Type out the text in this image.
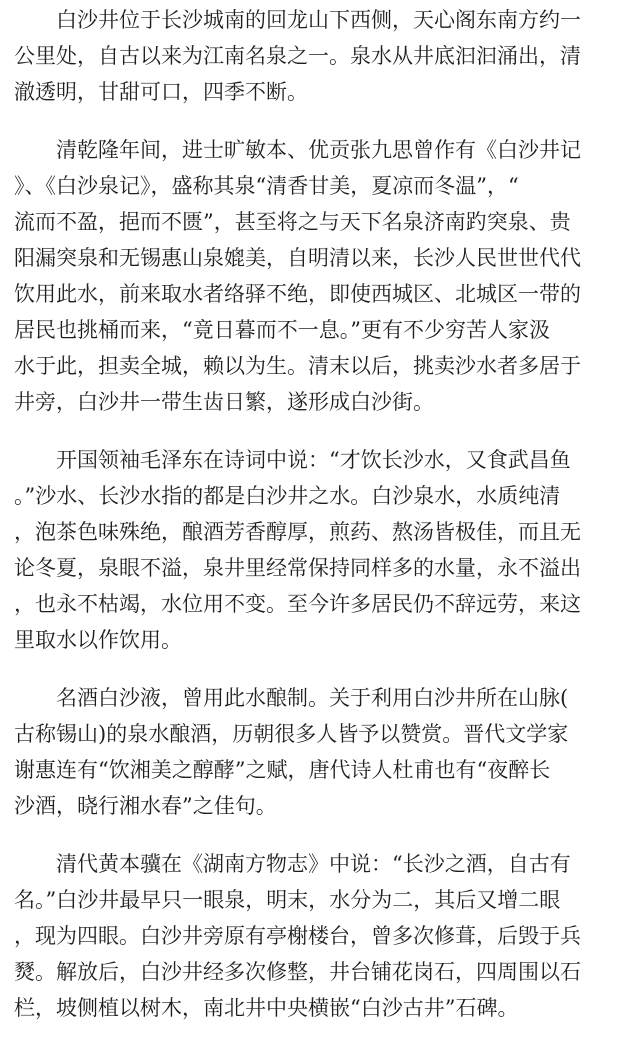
白沙井位于长沙城南的回龙山下西侧，天心阁东南方约一
公里处，自古以来为江南名泉之一。泉水从井底汩汩涌出，清
澈透明，甘甜可口，四季不断。
清乾隆年间，进士旷敏本、优贡张九思曾作有《白沙井记
》、《白沙泉记》，盛称其泉“清香甘美，夏凉而冬温”，“
流而不盈，挹而不匮”，甚至将之与天下名泉济南趵突泉、贵
阳漏突泉和无锡惠山泉媲美，自明清以来，长沙人民世世代代
饮用此水，前来取水者络驿不绝，即使西城区、北城区一带的
居民也挑桶而来，“竟日暮而不一息。”更有不少穷苦人家汲
水于此，担卖全城，赖以为生。清末以后，挑卖沙水者多居于
井旁，白沙井一带生齿日繁，遂形成白沙街。
开国领袖毛泽东在诗词中说：“才饮长沙水，又食武昌鱼
。”沙水、长沙水指的都是白沙井之水。白沙泉水，水质纯清
，泡茶色味殊绝，酿酒芳香醇厚，煎药、熬汤皆极佳，而且无
论冬夏，泉眼不溢，泉井里经常保持同样多的水量，永不溢出
，也永不枯竭，水位用不变。至今许多居民仍不辞远劳，来这
里取水以作饮用。
名酒白沙液，曾用此水酿制。关于利用白沙井所在山脉(
古称锡山)的泉水酿酒，历朝很多人皆予以赞赏。晋代文学家
谢惠连有“饮湘美之醇酵”之赋，唐代诗人杜甫也有“夜醉长
沙酒，晓行湘水春”之佳句。
清代黄本骥在《湖南方物志》中说：“长沙之酒，自古有
名。”白沙井最早只一眼泉，明末，水分为二，其后又增二眼
，现为四眼。白沙井旁原有亭榭楼台，曾多次修葺，后毁于兵
燹。解放后，白沙井经多次修整，井台铺花岗石，四周围以石
栏，坡侧植以树木，南北井中央横嵌“白沙古井”石碑。
